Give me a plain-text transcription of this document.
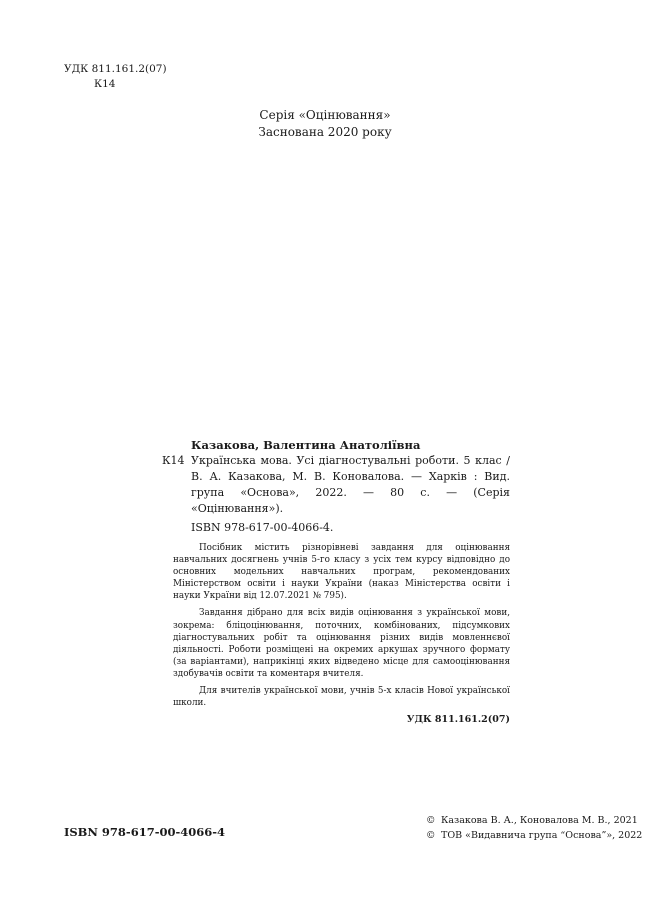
УДК 811.161.2(07)
К14
Серія «Оцінювання»
Заснована 2020 року
Казакова, Валентина Анатоліївна
К14 Українська мова. Усі діагностувальні роботи. 5 клас / В. А. Казакова, М. В. Коновалова. — Харків : Вид. група «Основа», 2022. — 80 с. — (Серія «Оцінювання»).
ISBN 978-617-00-4066-4.

Посібник містить різнорівневі завдання для оцінювання навчальних досягнень учнів 5-го класу з усіх тем курсу відповідно до основних модельних навчальних програм, рекомендованих Міністерством освіти і науки України (наказ Міністерства освіти і науки України від 12.07.2021 № 795).

Завдання дібрано для всіх видів оцінювання з української мови, зокрема: бліцоцінювання, поточних, комбінованих, підсумкових діагностувальних робіт та оцінювання різних видів мовленнєвої діяльності. Роботи розміщені на окремих аркушах зручного формату (за варіантами), наприкінці яких відведено місце для самооцінювання здобувачів освіти та коментаря вчителя.

Для вчителів української мови, учнів 5-х класів Нової української школи.

УДК 811.161.2(07)
ISBN 978-617-00-4066-4
© Казакова В. А., Коновалова М. В., 2021
© ТОВ «Видавнича група “Основа”», 2022
